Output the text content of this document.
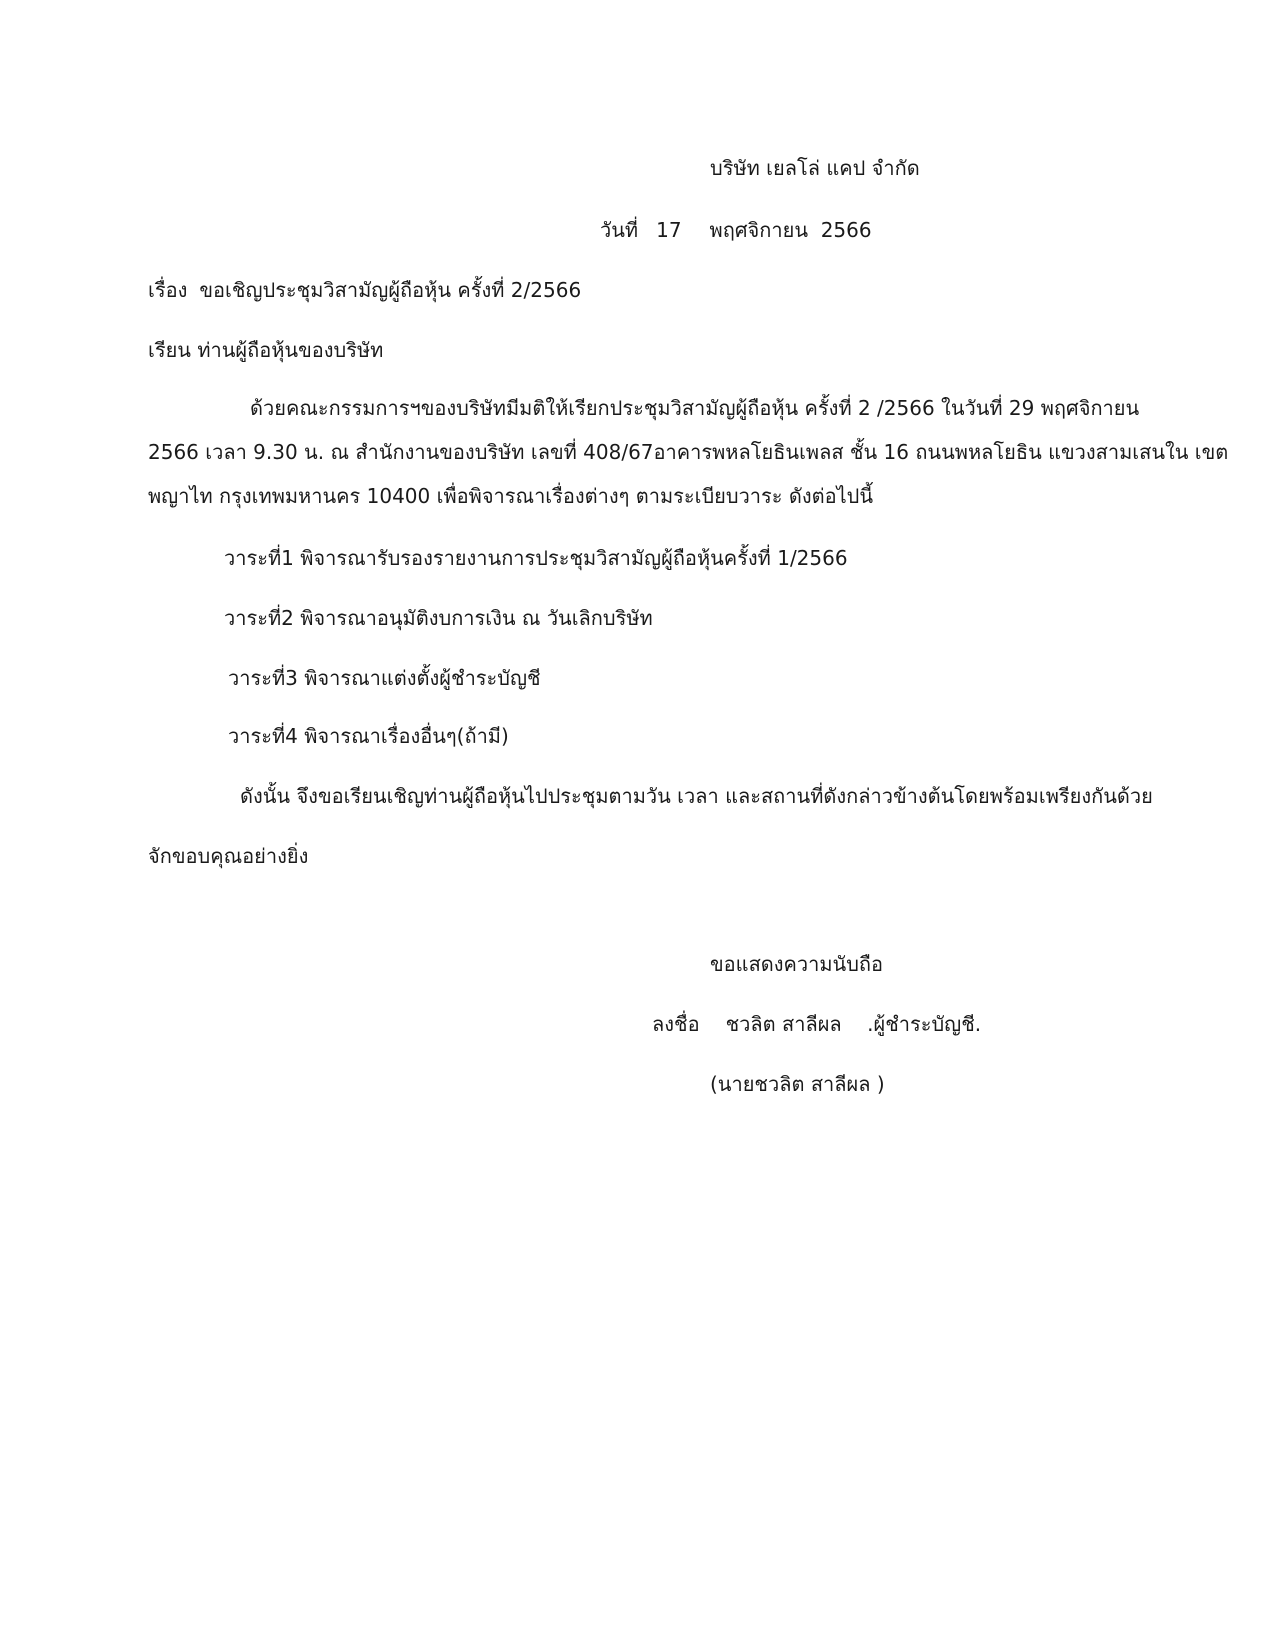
บริษัท เยลโล่ แคป จำกัด
วันที่ 17 พฤศจิกายน 2566
เรื่อง ขอเชิญประชุมวิสามัญผู้ถือหุ้น ครั้งที่ 2/2566
เรียน ท่านผู้ถือหุ้นของบริษัท
ด้วยคณะกรรมการฯของบริษัทมีมติให้เรียกประชุมวิสามัญผู้ถือหุ้น ครั้งที่ 2 /2566 ในวันที่ 29 พฤศจิกายน
2566 เวลา 9.30 น. ณ สำนักงานของบริษัท เลขที่ 408/67อาคารพหลโยธินเพลส ชั้น 16 ถนนพหลโยธิน แขวงสามเสนใน เขต
พญาไท กรุงเทพมหานคร 10400 เพื่อพิจารณาเรื่องต่างๆ ตามระเบียบวาระ ดังต่อไปนี้
วาระที่1 พิจารณารับรองรายงานการประชุมวิสามัญผู้ถือหุ้นครั้งที่ 1/2566
วาระที่2 พิจารณาอนุมัติงบการเงิน ณ วันเลิกบริษัท
วาระที่3 พิจารณาแต่งตั้งผู้ชำระบัญชี
วาระที่4 พิจารณาเรื่องอื่นๆ(ถ้ามี)
ดังนั้น จึงขอเรียนเชิญท่านผู้ถือหุ้นไปประชุมตามวัน เวลา และสถานที่ดังกล่าวข้างต้นโดยพร้อมเพรียงกันด้วย
จักขอบคุณอย่างยิ่ง
ขอแสดงความนับถือ
ลงชื่อ ชวลิต สาลีผล .ผู้ชำระบัญชี.
(นายชวลิต สาลีผล )
